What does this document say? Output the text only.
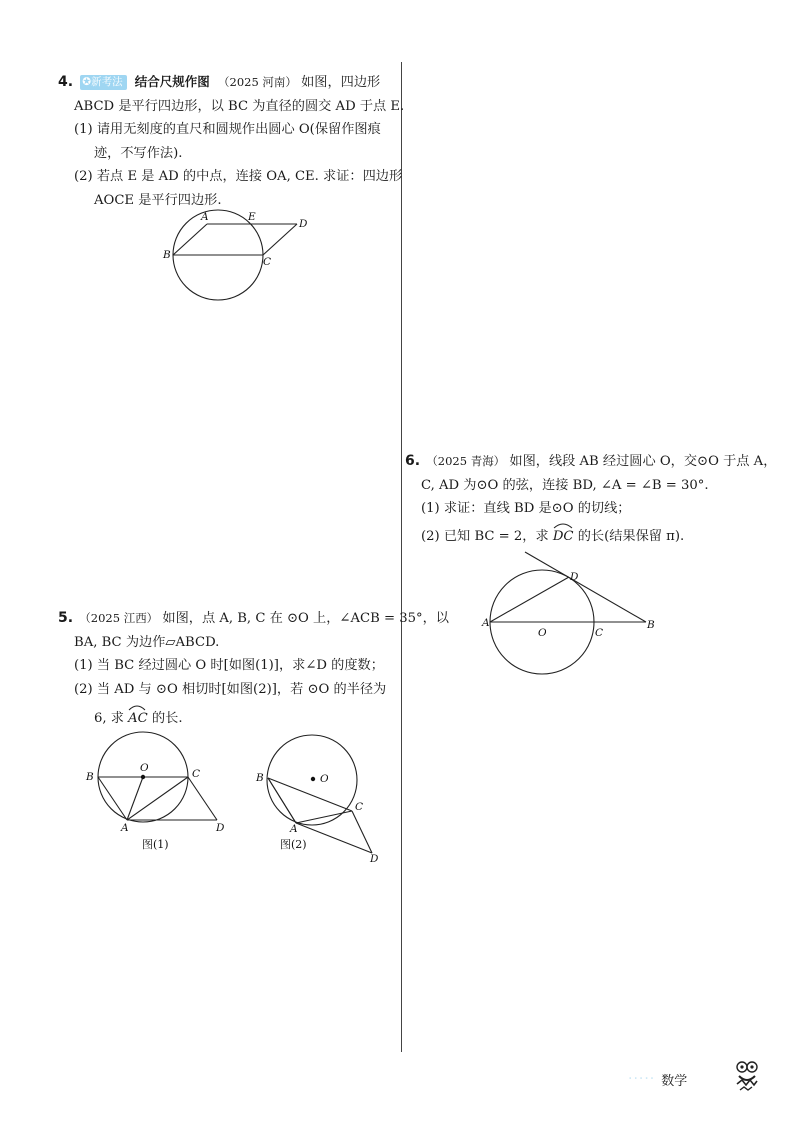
4. ✪新考法 结合尺规作图 （2025 河南） 如图，四边形
ABCD 是平行四边形，以 BC 为直径的圆交 AD 于点 E.
(1) 请用无刻度的直尺和圆规作出圆心 O(保留作图痕
迹，不写作法).
(2) 若点 E 是 AD 的中点，连接 OA, CE. 求证：四边形
AOCE 是平行四边形.
A	E
D
B
C
5. （2025 江西） 如图，点 A, B, C 在 ⊙O 上，∠ACB = 35°，以
BA, BC 为边作▱ABCD.
(1) 当 BC 经过圆心 O 时[如图(1)]，求∠D 的度数；
(2) 当 AD 与 ⊙O 相切时[如图(2)]，若 ⊙O 的半径为
6, 求
AC 的长.
O
B	C
A	D
图(1)
O
B
C
A
D
图(2)
6. （2025 青海） 如图，线段 AB 经过圆心 O，交⊙O 于点 A，
C, AD 为⊙O 的弦，连接 BD, ∠A = ∠B = 30°.
(1) 求证：直线 BD 是⊙O 的切线；
(2) 已知 BC = 2，求
DC 的长(结果保留 π).
A
O	C
B
D
····· 数学
